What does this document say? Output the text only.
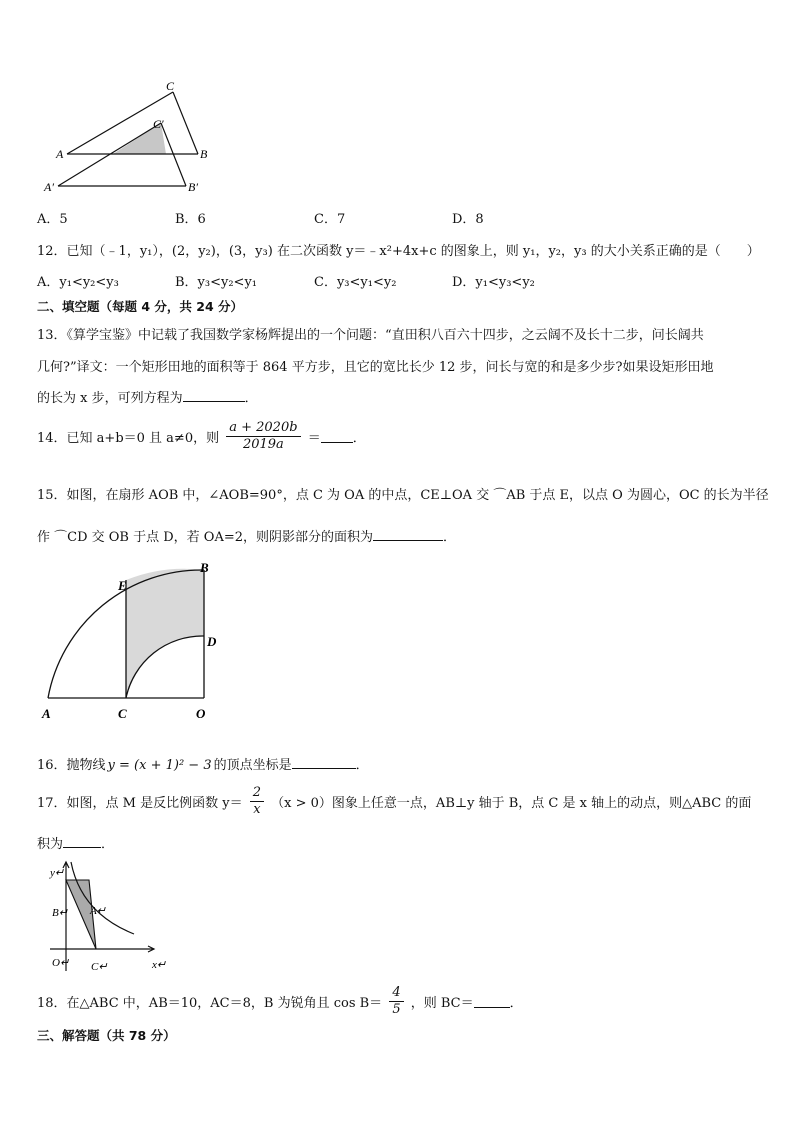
C
C′
A	B
A′	B′
A．5	B．6	C．7	D．8
12．已知（﹣1，y₁），(2，y₂)，(3，y₃) 在二次函数 y＝﹣x²+4x+c 的图象上，则 y₁，y₂，y₃ 的大小关系正确的是（　　）
A．y₁<y₂<y₃	B．y₃<y₂<y₁	C．y₃<y₁<y₂	D．y₁<y₃<y₂
二、填空题（每题 4 分，共 24 分）
13．《算学宝鉴》中记载了我国数学家杨辉提出的一个问题：“直田积八百六十四步，之云阔不及长十二步，问长阔共
几何?”译文：一个矩形田地的面积等于 864 平方步，且它的宽比长少 12 步，问长与宽的和是多少步?如果设矩形田地
的长为 x 步，可列方程为	．
14．已知 a+b＝0 且 a≠0，则 $\frac{a + 2020b}{2019a}$ ＝ ．
15．如图，在扇形 AOB 中，∠AOB=90°，点 C 为 OA 的中点，CE⊥OA 交 ⌒AB 于点 E，以点 O 为圆心，OC 的长为半径
作 ⌒CD 交 OB 于点 D，若 OA=2，则阴影部分的面积为	．
E
B
D
A	C	O
16．抛物线 y = (x + 1)² − 3 的顶点坐标是	．
17．如图，点 M 是反比例函数 $y= \frac{2}{x} (x > 0)$图象上任意一点，AB⊥y 轴于 B，点 C 是 x 轴上的动点，则△ABC 的面
积为	．
y↵
B↵ A↵
O↵ C↵	x↵
18．在△ABC 中，AB＝10，AC＝8，B 为锐角且 $\cos B= \frac{4}{5}$ ，则 BC＝	．
三、解答题（共 78 分）
